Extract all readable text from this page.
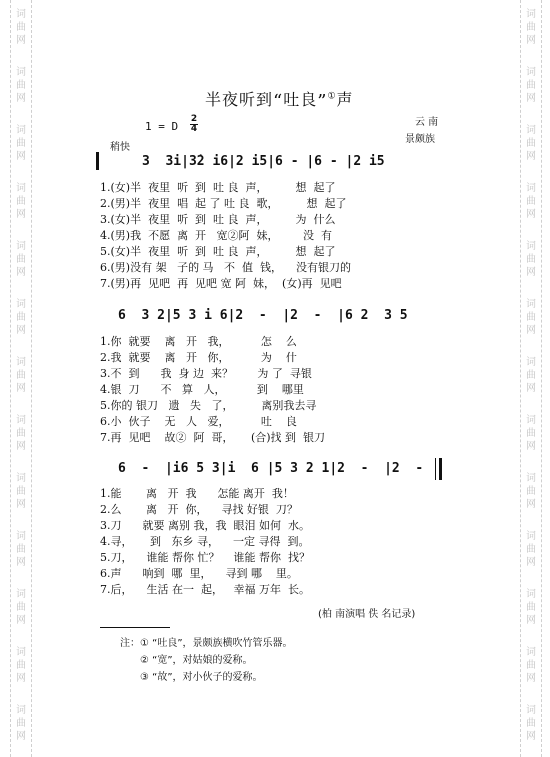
词
曲
网
词
曲
网
词
曲
网
词
曲
网
词
曲
网
词
曲
网
词
曲
网
词
曲
网
词
曲
网
词
曲
网
词
曲
网
词
曲
网
词
曲
网
词
曲
网
词
曲
网
词
曲
网
词
曲
网
词
曲
网
词
曲
网
词
曲
网
词
曲
网
词
曲
网
词
曲
网
词
曲
网
词
曲
网
词
曲
网
半夜听到“吐良”①声
云 南
景颇族
1 = D
2
4
稍快
3  3i|3̇2 i6|2 i5|6 - |6 - |2 i5
1.(女)半  夜里  听  到  吐 良  声，        想  起了
2.(男)半  夜里  唱  起 了 吐 良  歌，        想  起了
3.(女)半  夜里  听  到  吐 良  声，        为  什么
4.(男)我  不愿  离  开   宽②阿  妹，       没  有
5.(女)半  夜里  听  到  吐 良  声，        想  起了
6.(男)没有 架   子的 马   不  值  钱，    没有银刀的
7.(男)再  见吧  再  见吧 宽 阿  妹，  (女)再  见吧
6  3 2|5 3 i 6|2  -  |2  -  |6 2  3 5
1.你  就要    离   开   我，         怎    么
2.我  就要    离   开   你，         为    什
3.不  到      我  身 边  来？       为 了  寻银
4.银  刀      不   算   人，         到    哪里
5.你的 银刀   遗   失   了，        离别我去寻
6.小  伙子    无   人   爱，         吐    良
7.再  见吧    故②  阿  哥，     (合)找 到  银刀
6  -  |i6 5 3|i  6 |5 3 2 1|2  -  |2  -
1.能       离   开  我      怎能 离开  我！
2.么       离   开  你，    寻找 好银  刀？
3.刀      就要 离别 我，我  眼泪 如何  水。
4.寻，     到   东乡 寻，    一定 寻得  到。
5.刀，    谁能 帮你 忙？    谁能 帮你  找？
6.声      响到  哪  里，    寻到 哪    里。
7.后，    生活 在一  起，   幸福 万年  长。
(柏 南演唱 佚 名记录)
注：① “吐良”，景颇族横吹竹管乐器。
② “宽”，对姑娘的爱称。
③ “故”，对小伙子的爱称。
